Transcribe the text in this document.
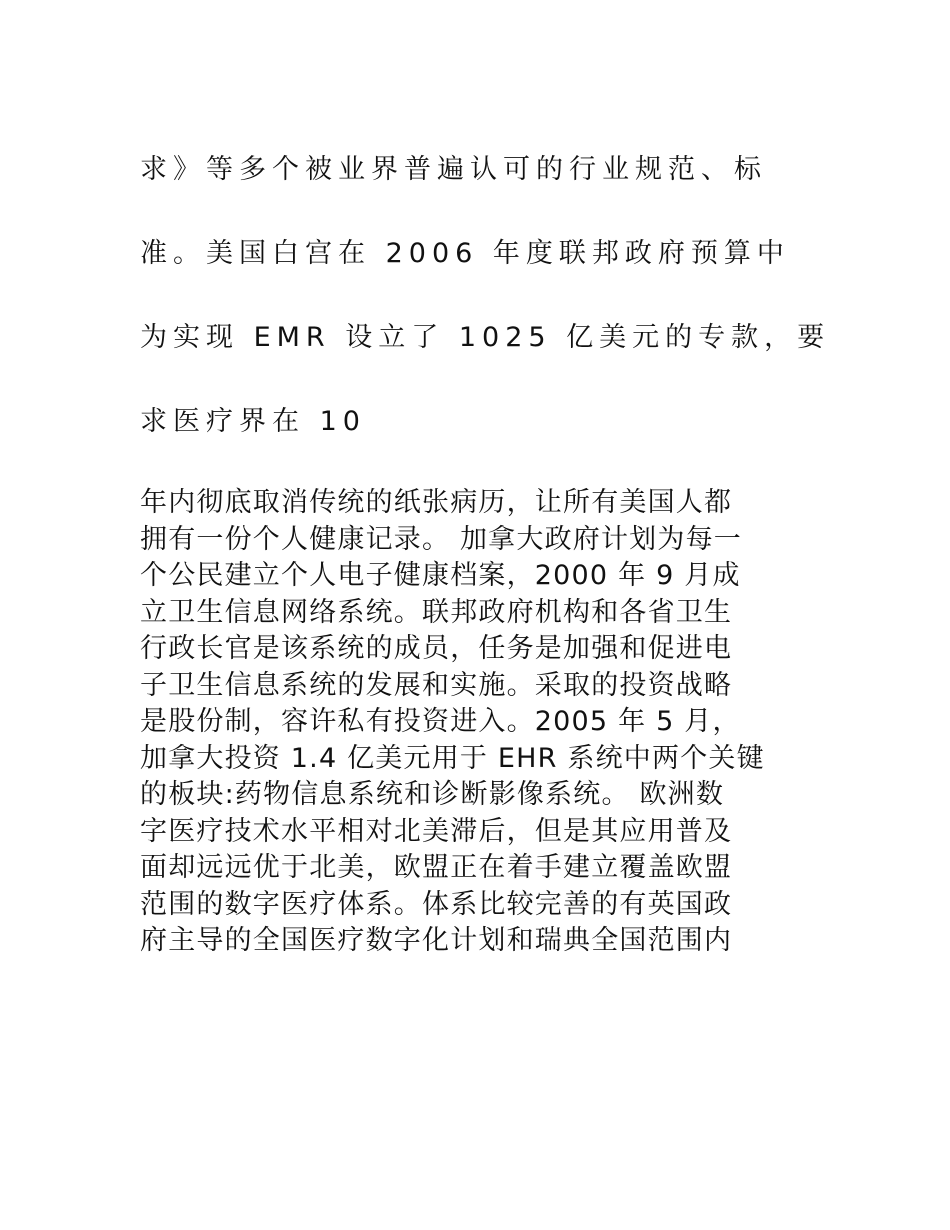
求》等多个被业界普遍认可的行业规范、标
准。美国白宫在 2006 年度联邦政府预算中
为实现 EMR 设立了 1025 亿美元的专款，要
求医疗界在 10
年内彻底取消传统的纸张病历，让所有美国人都
拥有一份个人健康记录。 加拿大政府计划为每一
个公民建立个人电子健康档案，2000 年 9 月成
立卫生信息网络系统。联邦政府机构和各省卫生
行政长官是该系统的成员，任务是加强和促进电
子卫生信息系统的发展和实施。采取的投资战略
是股份制，容许私有投资进入。2005 年 5 月，
加拿大投资 1.4 亿美元用于 EHR 系统中两个关键
的板块:药物信息系统和诊断影像系统。 欧洲数
字医疗技术水平相对北美滞后，但是其应用普及
面却远远优于北美，欧盟正在着手建立覆盖欧盟
范围的数字医疗体系。体系比较完善的有英国政
府主导的全国医疗数字化计划和瑞典全国范围内
